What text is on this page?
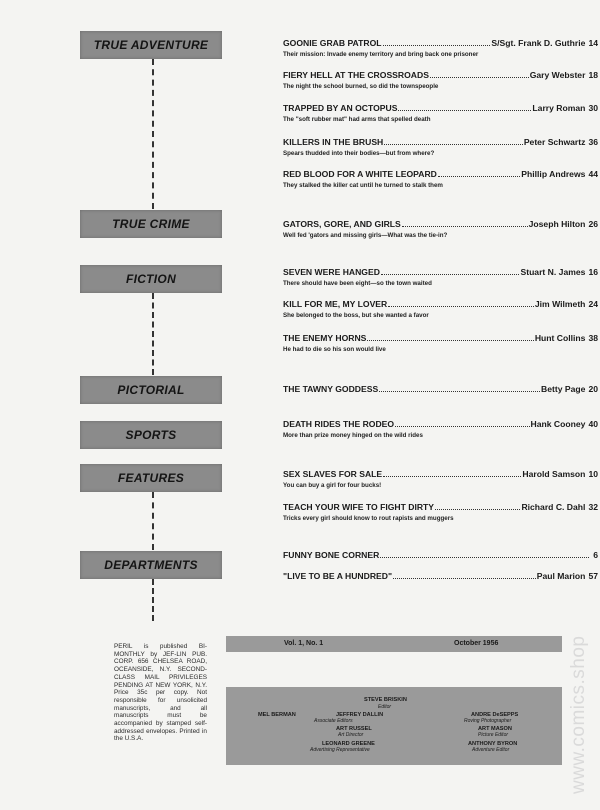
TRUE ADVENTURE
TRUE CRIME
FICTION
PICTORIAL
SPORTS
FEATURES
DEPARTMENTS
GOONIE GRAB PATROL	S/Sgt. Frank D. Guthrie 14
Their mission: Invade enemy territory and bring back one prisoner
FIERY HELL AT THE CROSSROADS	Gary Webster 18
The night the school burned, so did the townspeople
TRAPPED BY AN OCTOPUS	Larry Roman 30
The "soft rubber mat" had arms that spelled death
KILLERS IN THE BRUSH	Peter Schwartz 36
Spears thudded into their bodies—but from where?
RED BLOOD FOR A WHITE LEOPARD	Phillip Andrews 44
They stalked the killer cat until he turned to stalk them
GATORS, GORE, AND GIRLS	Joseph Hilton 26
Well fed 'gators and missing girls—What was the tie-in?
SEVEN WERE HANGED	Stuart N. James 16
There should have been eight—so the town waited
KILL FOR ME, MY LOVER	Jim Wilmeth 24
She belonged to the boss, but she wanted a favor
THE ENEMY HORNS	Hunt Collins 38
He had to die so his son would live
THE TAWNY GODDESS	Betty Page 20
DEATH RIDES THE RODEO	Hank Cooney 40
More than prize money hinged on the wild rides
SEX SLAVES FOR SALE	Harold Samson 10
You can buy a girl for four bucks!
TEACH YOUR WIFE TO FIGHT DIRTY	Richard C. Dahl 32
Tricks every girl should know to rout rapists and muggers
FUNNY BONE CORNER	6
"LIVE TO BE A HUNDRED"	Paul Marion 57
PERIL is published BI-MONTHLY by JEF-LIN PUB. CORP. 656 CHELSEA ROAD, OCEANSIDE, N.Y. SECOND-CLASS MAIL PRIVILEGES PENDING AT NEW YORK, N.Y. Price 35c per copy. Not responsible for unsolicited manuscripts, and all manuscripts must be accompanied by stamped self-addressed envelopes. Printed in the U.S.A.
Vol. 1, No. 1	October 1956
STEVE BRISKIN
Editor
MEL BERMAN	JEFFREY DALLIN
Associate Editors
ANDRE DeSEPPS
Roving Photographer
ART RUSSEL
Art Director
ART MASON
Picture Editor
LEONARD GREENE
Advertising Representative
ANTHONY BYRON
Adventure Editor	www.comics.shop
